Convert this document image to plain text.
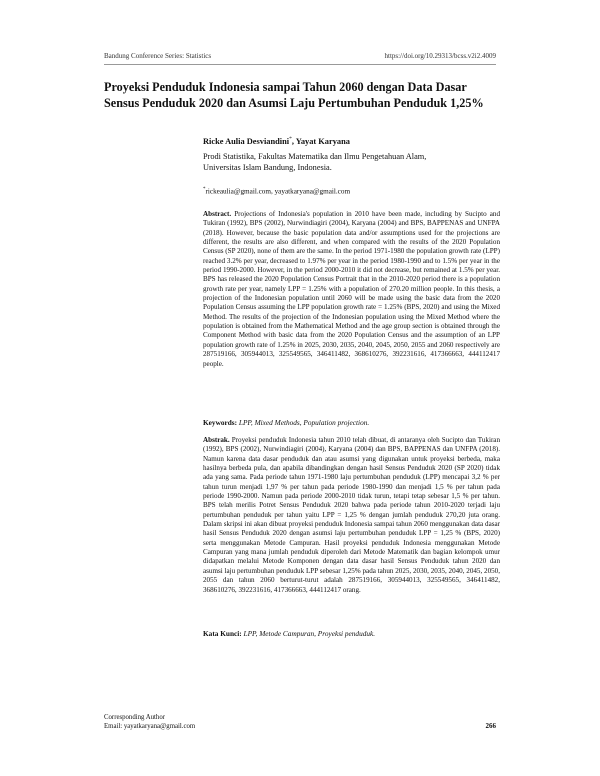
Bandung Conference Series: Statistics	https://doi.org/10.29313/bcss.v2i2.4009
Proyeksi Penduduk Indonesia sampai Tahun 2060 dengan Data Dasar Sensus Penduduk 2020 dan Asumsi Laju Pertumbuhan Penduduk 1,25%
Ricke Aulia Desviandini*, Yayat Karyana
Prodi Statistika, Fakultas Matematika dan Ilmu Pengetahuan Alam,
Universitas Islam Bandung, Indonesia.
*rickeaulia@gmail.com, yayatkaryana@gmail.com

Abstract. Projections of Indonesia's population in 2010 have been made, including by Sucipto and Tukiran (1992), BPS (2002), Nurwindiagiri (2004), Karyana (2004) and BPS, BAPPENAS and UNFPA (2018). However, because the basic population data and/or assumptions used for the projections are different, the results are also different, and when compared with the results of the 2020 Population Census (SP 2020), none of them are the same. In the period 1971-1980 the population growth rate (LPP) reached 3.2% per year, decreased to 1.97% per year in the period 1980-1990 and to 1.5% per year in the period 1990-2000. However, in the period 2000-2010 it did not decrease, but remained at 1.5% per year. BPS has released the 2020 Population Census Portrait that in the 2010-2020 period there is a population growth rate per year, namely LPP = 1.25% with a population of 270.20 million people. In this thesis, a projection of the Indonesian population until 2060 will be made using the basic data from the 2020 Population Census assuming the LPP population growth rate = 1.25% (BPS, 2020) and using the Mixed Method. The results of the projection of the Indonesian population using the Mixed Method where the population is obtained from the Mathematical Method and the age group section is obtained through the Component Method with basic data from the 2020 Population Census and the assumption of an LPP population growth rate of 1.25% in 2025, 2030, 2035, 2040, 2045, 2050, 2055 and 2060 respectively are 287519166, 305944013, 325549565, 346411482, 368610276, 392231616, 417366663, 444112417 people.

Keywords: LPP, Mixed Methods, Population projection.

Abstrak. Proyeksi penduduk Indonesia tahun 2010 telah dibuat, di antaranya oleh Sucipto dan Tukiran (1992), BPS (2002), Nurwindiagiri (2004), Karyana (2004) dan BPS, BAPPENAS dan UNFPA (2018). Namun karena data dasar penduduk dan atau asumsi yang digunakan untuk proyeksi berbeda, maka hasilnya berbeda pula, dan apabila dibandingkan dengan hasil Sensus Penduduk 2020 (SP 2020) tidak ada yang sama. Pada periode tahun 1971-1980 laju pertumbuhan penduduk (LPP) mencapai 3,2 % per tahun turun menjadi 1,97 % per tahun pada periode 1980-1990 dan menjadi 1,5 % per tahun pada periode 1990-2000. Namun pada periode 2000-2010 tidak turun, tetapi tetap sebesar 1,5 % per tahun. BPS telah merilis Potret Sensus Penduduk 2020 bahwa pada periode tahun 2010-2020 terjadi laju pertumbuhan penduduk per tahun yaitu LPP = 1,25 % dengan jumlah penduduk 270,20 juta orang. Dalam skripsi ini akan dibuat proyeksi penduduk Indonesia sampai tahun 2060 menggunakan data dasar hasil Sensus Penduduk 2020 dengan asumsi laju pertumbuhan penduduk LPP = 1,25 % (BPS, 2020) serta menggunakan Metode Campuran. Hasil proyeksi penduduk Indonesia menggunakan Metode Campuran yang mana jumlah penduduk diperoleh dari Metode Matematik dan bagian kelompok umur didapatkan melalui Metode Komponen dengan data dasar hasil Sensus Penduduk tahun 2020 dan asumsi laju pertumbuhan penduduk LPP sebesar 1,25% pada tahun 2025, 2030, 2035, 2040, 2045, 2050, 2055 dan tahun 2060 berturut-turut adalah 287519166, 305944013, 325549565, 346411482, 368610276, 392231616, 417366663, 444112417 orang.

Kata Kunci: LPP, Metode Campuran, Proyeksi penduduk.
Corresponding Author
Email: yayatkaryana@gmail.com	266
